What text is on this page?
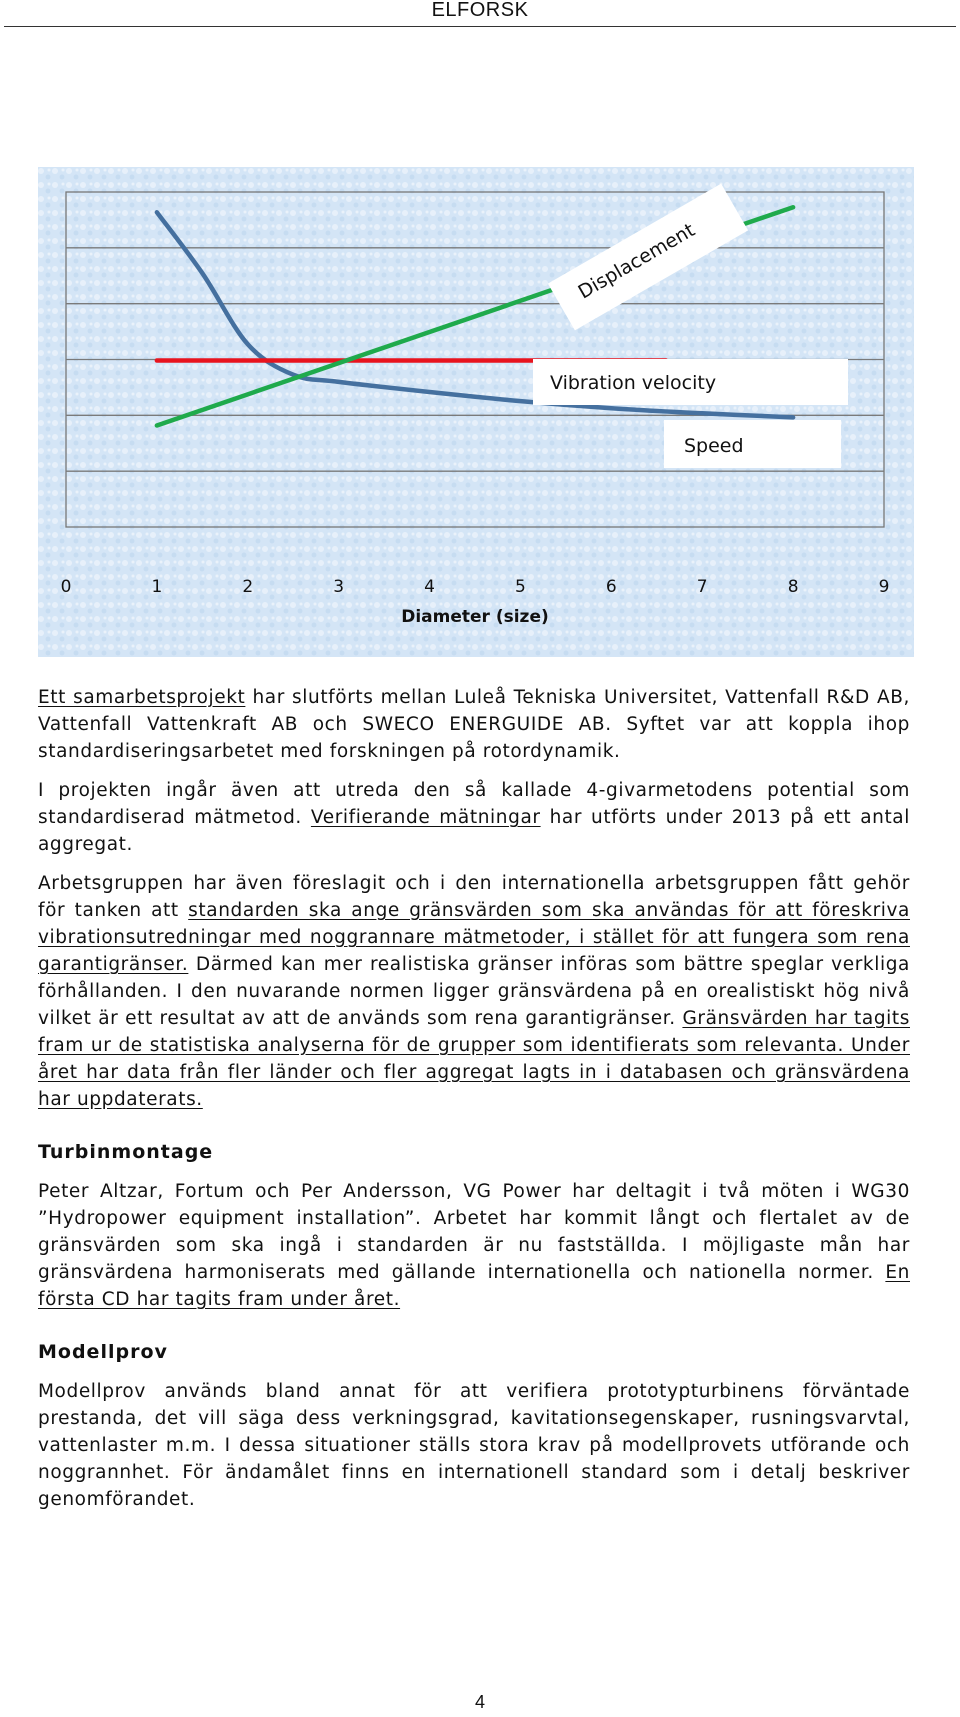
ELFORSK
Displacement
Vibration velocity
Speed
0	1	2	3	4	5	6	7	8	9
Diameter (size)

Ett samarbetsprojekt har slutförts mellan Luleå Tekniska Universitet, Vattenfall R&D AB, Vattenfall Vattenkraft AB och SWECO ENERGUIDE AB. Syftet var att koppla ihop standardiseringsarbetet med forskningen på rotordynamik.

I projekten ingår även att utreda den så kallade 4-givarmetodens potential som standardiserad mätmetod. Verifierande mätningar har utförts under 2013 på ett antal aggregat.

Arbetsgruppen har även föreslagit och i den internationella arbetsgruppen fått gehör för tanken att standarden ska ange gränsvärden som ska användas för att föreskriva vibrationsutredningar med noggrannare mätmetoder, i stället för att fungera som rena garantigränser. Därmed kan mer realistiska gränser införas som bättre speglar verkliga förhållanden. I den nuvarande normen ligger gränsvärdena på en orealistiskt hög nivå vilket är ett resultat av att de används som rena garantigränser. Gränsvärden har tagits fram ur de statistiska analyserna för de grupper som identifierats som relevanta. Under året har data från fler länder och fler aggregat lagts in i databasen och gränsvärdena har uppdaterats.

Turbinmontage

Peter Altzar, Fortum och Per Andersson, VG Power har deltagit i två möten i WG30 ”Hydropower equipment installation”. Arbetet har kommit långt och flertalet av de gränsvärden som ska ingå i standarden är nu fastställda. I möjligaste mån har gränsvärdena harmoniserats med gällande internationella och nationella normer. En första CD har tagits fram under året.

Modellprov

Modellprov används bland annat för att verifiera prototypturbinens förväntade prestanda, det vill säga dess verkningsgrad, kavitationsegenskaper, rusningsvarvtal, vattenlaster m.m. I dessa situationer ställs stora krav på modellprovets utförande och noggrannhet. För ändamålet finns en internationell standard som i detalj beskriver genomförandet.

4
